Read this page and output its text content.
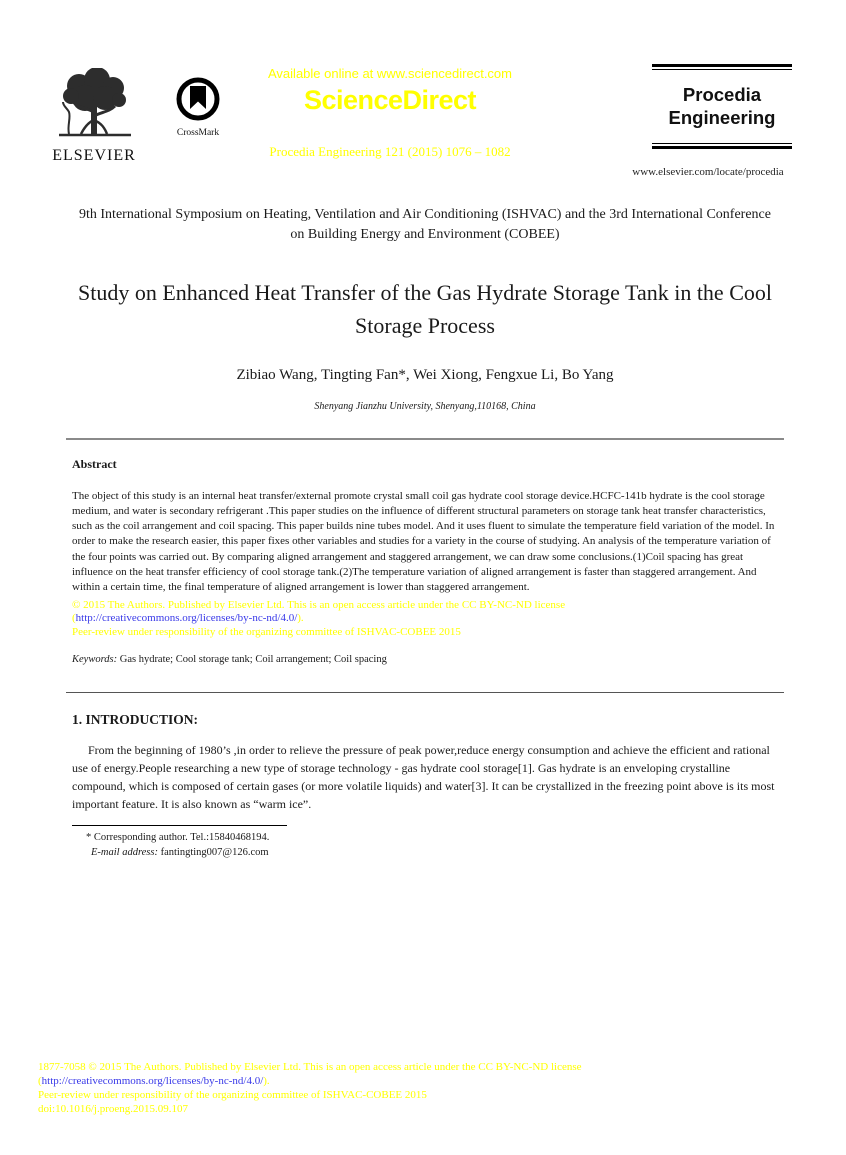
ELSEVIER
CrossMark
Available online at www.sciencedirect.com
ScienceDirect
Procedia Engineering 121 (2015) 1076 – 1082
Procedia
Engineering
www.elsevier.com/locate/procedia
9th International Symposium on Heating, Ventilation and Air Conditioning (ISHVAC) and the 3rd International Conference on Building Energy and Environment (COBEE)
Study on Enhanced Heat Transfer of the Gas Hydrate Storage Tank in the Cool Storage Process
Zibiao Wang, Tingting Fan*, Wei Xiong, Fengxue Li, Bo Yang
Shenyang Jianzhu University, Shenyang,110168, China
Abstract
The object of this study is an internal heat transfer/external promote crystal small coil gas hydrate cool storage device.HCFC-141b hydrate is the cool storage medium, and water is secondary refrigerant .This paper studies on the influence of different structural parameters on storage tank heat transfer characteristics, such as the coil arrangement and coil spacing. This paper builds nine tubes model. And it uses fluent to simulate the temperature field variation of the model. In order to make the research easier, this paper fixes other variables and studies for a variety in the course of studying. An analysis of the temperature variation of the four points was carried out. By comparing aligned arrangement and staggered arrangement, we can draw some conclusions.(1)Coil spacing has great influence on the heat transfer efficiency of cool storage tank.(2)The temperature variation of aligned arrangement is faster than staggered arrangement. And within a certain time, the final temperature of aligned arrangement is lower than staggered arrangement.
© 2015 The Authors. Published by Elsevier Ltd. This is an open access article under the CC BY-NC-ND license
(http://creativecommons.org/licenses/by-nc-nd/4.0/).
Peer-review under responsibility of the organizing committee of ISHVAC-COBEE 2015
Keywords: Gas hydrate; Cool storage tank; Coil arrangement; Coil spacing
1. INTRODUCTION:
From the beginning of 1980’s ,in order to relieve the pressure of peak power,reduce energy consumption and achieve the efficient and rational use of energy.People researching a new type of storage technology - gas hydrate cool storage[1]. Gas hydrate is an enveloping crystalline compound, which is composed of certain gases (or more volatile liquids) and water[3]. It can be crystallized in the freezing point above is its most important feature. It is also known as “warm ice”.
* Corresponding author. Tel.:15840468194.
E-mail address: fantingting007@126.com
1877-7058 © 2015 The Authors. Published by Elsevier Ltd. This is an open access article under the CC BY-NC-ND license
(http://creativecommons.org/licenses/by-nc-nd/4.0/).
Peer-review under responsibility of the organizing committee of ISHVAC-COBEE 2015
doi:10.1016/j.proeng.2015.09.107
